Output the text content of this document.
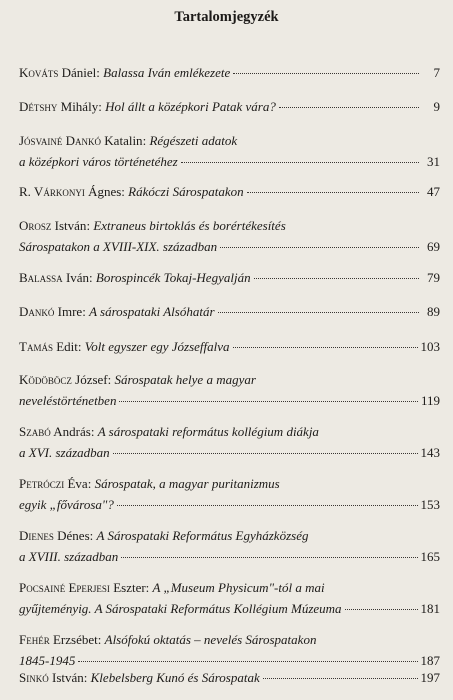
Tartalomjegyzék
Kováts Dániel: Balassa Iván emlékezete	7
Détshy Mihály: Hol állt a középkori Patak vára?	9
Jósvainé Dankó Katalin: Régészeti adatok
a középkori város történetéhez	31
R. Várkonyi Ágnes: Rákóczi Sárospatakon	47
Orosz István: Extraneus birtoklás és borértékesítés
Sárospatakon a XVIII-XIX. században	69
Balassa Iván: Borospincék Tokaj-Hegyalján	79
Dankó Imre: A sárospataki Alsóhatár	89
Tamás Edit: Volt egyszer egy Józseffalva	103
Ködöböcz József: Sárospatak helye a magyar
neveléstörténetben	119
Szabó András: A sárospataki református kollégium diákja
a XVI. században	143
Petróczi Éva: Sárospatak, a magyar puritanizmus
egyik „fővárosa"?	153
Dienes Dénes: A Sárospataki Református Egyházközség
a XVIII. században	165
Pocsainé Eperjesi Eszter: A „Museum Physicum"-tól a mai
gyűjteményig. A Sárospataki Református Kollégium Múzeuma	181
Fehér Erzsébet: Alsófokú oktatás – nevelés Sárospatakon
1845-1945	187
Sinkó István: Klebelsberg Kunó és Sárospatak	197
